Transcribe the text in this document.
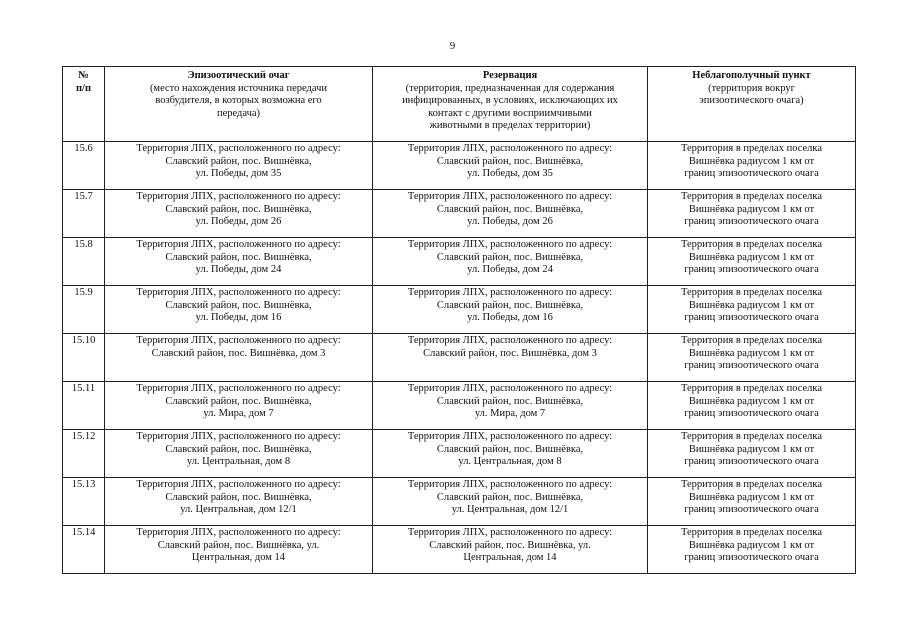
9
№
п/п	Эпизоотический очаг
(место нахождения источника передачи
возбудителя, в которых возможна его
передача)	Резервация
(территория, предназначенная для содержания
инфицированных, в условиях, исключающих их
контакт с другими восприимчивыми
животными в пределах территории)	Неблагополучный пункт
(территория вокруг
эпизоотического очага)

15.6	Территория ЛПХ, расположенного по адресу:
Славский район, пос. Вишнёвка,
ул. Победы, дом 35	Территория ЛПХ, расположенного по адресу:
Славский район, пос. Вишнёвка,
ул. Победы, дом 35	Территория в пределах поселка
Вишнёвка радиусом 1 км от
границ эпизоотического очага

15.7	Территория ЛПХ, расположенного по адресу:
Славский район, пос. Вишнёвка,
ул. Победы, дом 26	Территория ЛПХ, расположенного по адресу:
Славский район, пос. Вишнёвка,
ул. Победы, дом 26	Территория в пределах поселка
Вишнёвка радиусом 1 км от
границ эпизоотического очага

15.8	Территория ЛПХ, расположенного по адресу:
Славский район, пос. Вишнёвка,
ул. Победы, дом 24	Территория ЛПХ, расположенного по адресу:
Славский район, пос. Вишнёвка,
ул. Победы, дом 24	Территория в пределах поселка
Вишнёвка радиусом 1 км от
границ эпизоотического очага

15.9	Территория ЛПХ, расположенного по адресу:
Славский район, пос. Вишнёвка,
ул. Победы, дом 16	Территория ЛПХ, расположенного по адресу:
Славский район, пос. Вишнёвка,
ул. Победы, дом 16	Территория в пределах поселка
Вишнёвка радиусом 1 км от
границ эпизоотического очага

15.10	Территория ЛПХ, расположенного по адресу:
Славский район, пос. Вишнёвка, дом 3	Территория ЛПХ, расположенного по адресу:
Славский район, пос. Вишнёвка, дом 3	Территория в пределах поселка
Вишнёвка радиусом 1 км от
границ эпизоотического очага

15.11	Территория ЛПХ, расположенного по адресу:
Славский район, пос. Вишнёвка,
ул. Мира, дом 7	Территория ЛПХ, расположенного по адресу:
Славский район, пос. Вишнёвка,
ул. Мира, дом 7	Территория в пределах поселка
Вишнёвка радиусом 1 км от
границ эпизоотического очага

15.12	Территория ЛПХ, расположенного по адресу:
Славский район, пос. Вишнёвка,
ул. Центральная, дом 8	Территория ЛПХ, расположенного по адресу:
Славский район, пос. Вишнёвка,
ул. Центральная, дом 8	Территория в пределах поселка
Вишнёвка радиусом 1 км от
границ эпизоотического очага

15.13	Территория ЛПХ, расположенного по адресу:
Славский район, пос. Вишнёвка,
ул. Центральная, дом 12/1	Территория ЛПХ, расположенного по адресу:
Славский район, пос. Вишнёвка,
ул. Центральная, дом 12/1	Территория в пределах поселка
Вишнёвка радиусом 1 км от
границ эпизоотического очага

15.14	Территория ЛПХ, расположенного по адресу:
Славский район, пос. Вишнёвка, ул.
Центральная, дом 14	Территория ЛПХ, расположенного по адресу:
Славский район, пос. Вишнёвка, ул.
Центральная, дом 14	Территория в пределах поселка
Вишнёвка радиусом 1 км от
границ эпизоотического очага
